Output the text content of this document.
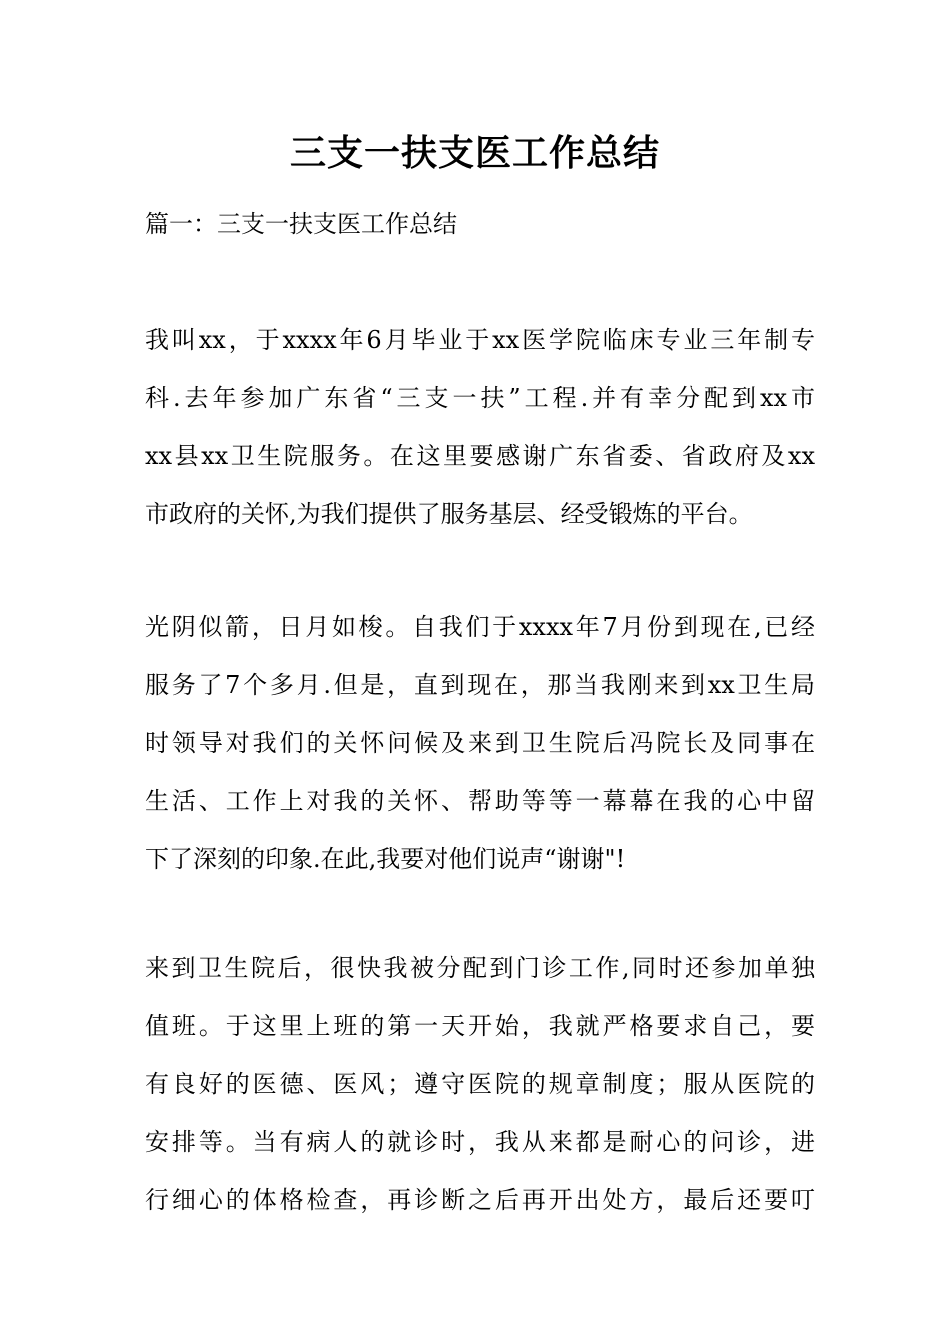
三支一扶支医工作总结

篇一：三支一扶支医工作总结

我叫xx，于xxxx年6月毕业于xx医学院临床专业三年制专
科.去年参加广东省“三支一扶”工程.并有幸分配到xx市
xx县xx卫生院服务。在这里要感谢广东省委、省政府及xx
市政府的关怀,为我们提供了服务基层、经受锻炼的平台。
光阴似箭，日月如梭。自我们于xxxx年7月份到现在,已经
服务了7个多月.但是，直到现在，那当我刚来到xx卫生局
时领导对我们的关怀问候及来到卫生院后冯院长及同事在
生活、工作上对我的关怀、帮助等等一幕幕在我的心中留
下了深刻的印象.在此,我要对他们说声“谢谢"!
来到卫生院后，很快我被分配到门诊工作,同时还参加单独
值班。于这里上班的第一天开始，我就严格要求自己，要
有良好的医德、医风；遵守医院的规章制度；服从医院的
安排等。当有病人的就诊时，我从来都是耐心的问诊，进
行细心的体格检查，再诊断之后再开出处方，最后还要叮
